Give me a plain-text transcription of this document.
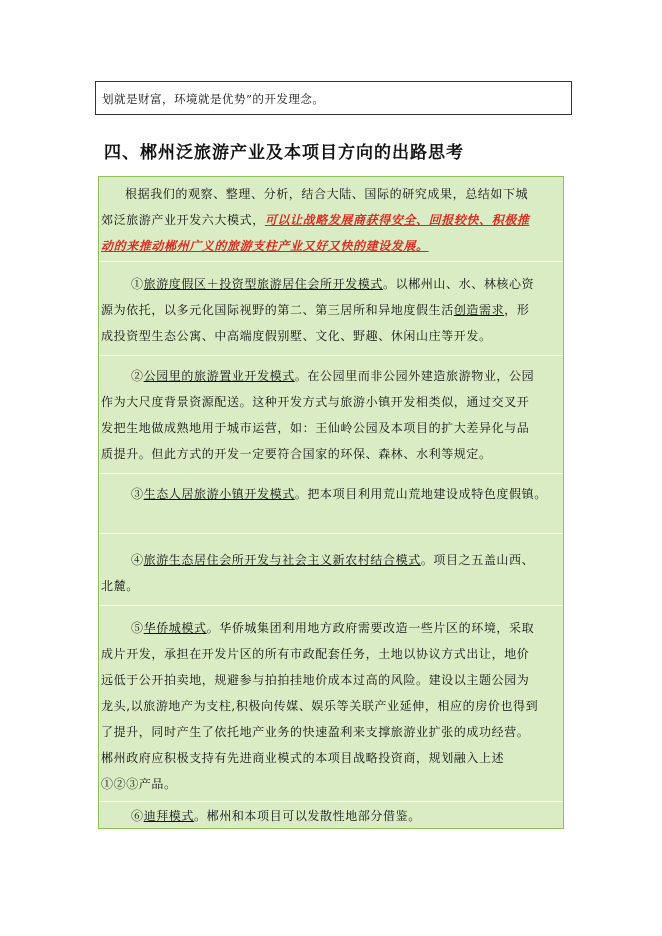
划就是财富，环境就是优势”的开发理念。
四、郴州泛旅游产业及本项目方向的出路思考
根据我们的观察、整理、分析，结合大陆、国际的研究成果，总结如下城
郊泛旅游产业开发六大模式，可以让战略发展商获得安全、回报较快、积极推
动的来推动郴州广义的旅游支柱产业又好又快的建设发展。
①旅游度假区＋投资型旅游居住会所开发模式。以郴州山、水、林核心资
源为依托，以多元化国际视野的第二、第三居所和异地度假生活创造需求，形
成投资型生态公寓、中高端度假别墅、文化、野趣、休闲山庄等开发。
②公园里的旅游置业开发模式。在公园里而非公园外建造旅游物业，公园
作为大尺度背景资源配送。这种开发方式与旅游小镇开发相类似，通过交叉开
发把生地做成熟地用于城市运营，如：王仙岭公园及本项目的扩大差异化与品
质提升。但此方式的开发一定要符合国家的环保、森林、水利等规定。
③生态人居旅游小镇开发模式。把本项目利用荒山荒地建设成特色度假镇。
④旅游生态居住会所开发与社会主义新农村结合模式。项目之五盖山西、
北麓。
⑤华侨城模式。华侨城集团利用地方政府需要改造一些片区的环境，采取
成片开发，承担在开发片区的所有市政配套任务，土地以协议方式出让，地价
远低于公开拍卖地，规避参与拍拍挂地价成本过高的风险。建设以主题公园为
龙头,以旅游地产为支柱,积极向传媒、娱乐等关联产业延伸，相应的房价也得到
了提升，同时产生了依托地产业务的快速盈利来支撑旅游业扩张的成功经营。
郴州政府应积极支持有先进商业模式的本项目战略投资商，规划融入上述
①②③产品。
⑥迪拜模式。郴州和本项目可以发散性地部分借鉴。
